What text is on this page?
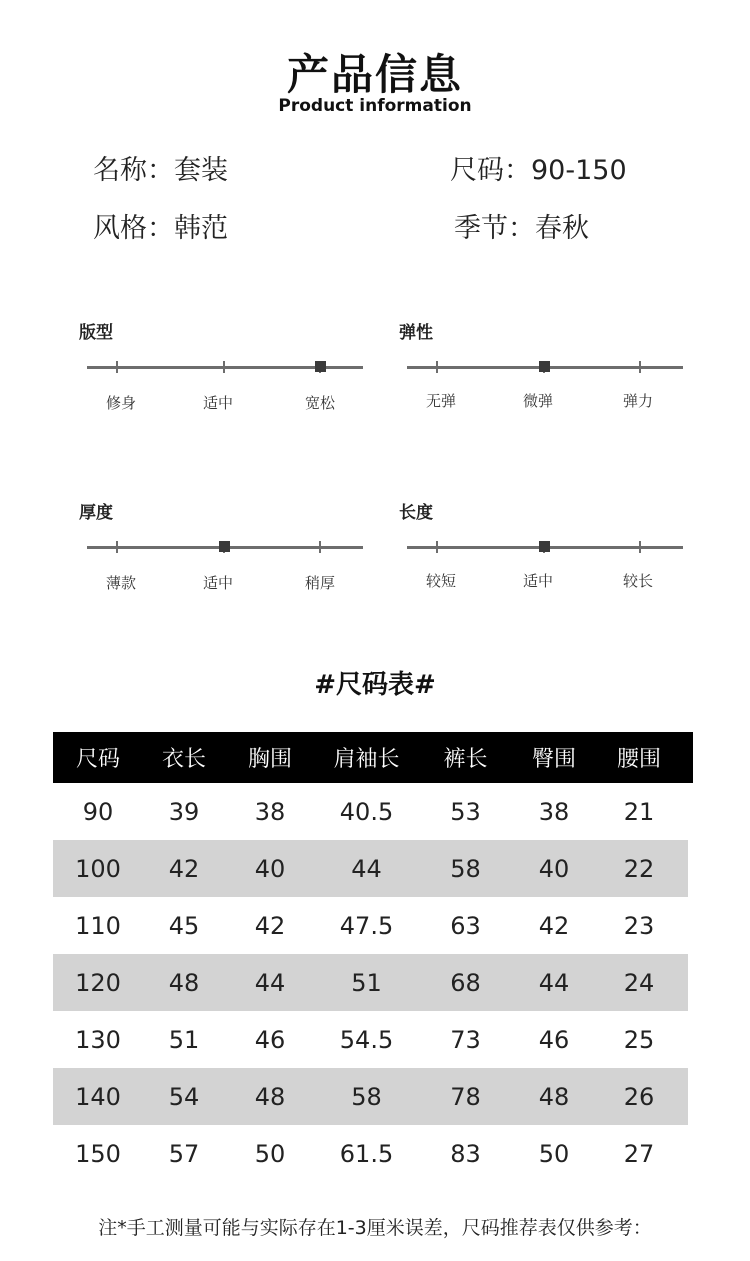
产品信息
Product information
名称：套装	尺码：90-150
风格：韩范	季节：春秋
版型
修身	适中	宽松
弹性
无弹	微弹	弹力
厚度
薄款	适中	稍厚
长度
较短	适中	较长
#尺码表#
尺码	衣长	胸围	肩袖长	裤长	臀围	腰围
90	39	38	40.5	53	38	21
100	42	40	44	58	40	22
110	45	42	47.5	63	42	23
120	48	44	51	68	44	24
130	51	46	54.5	73	46	25
140	54	48	58	78	48	26
150	57	50	61.5	83	50	27
注*手工测量可能与实际存在1-3厘米误差，尺码推荐表仅供参考：
